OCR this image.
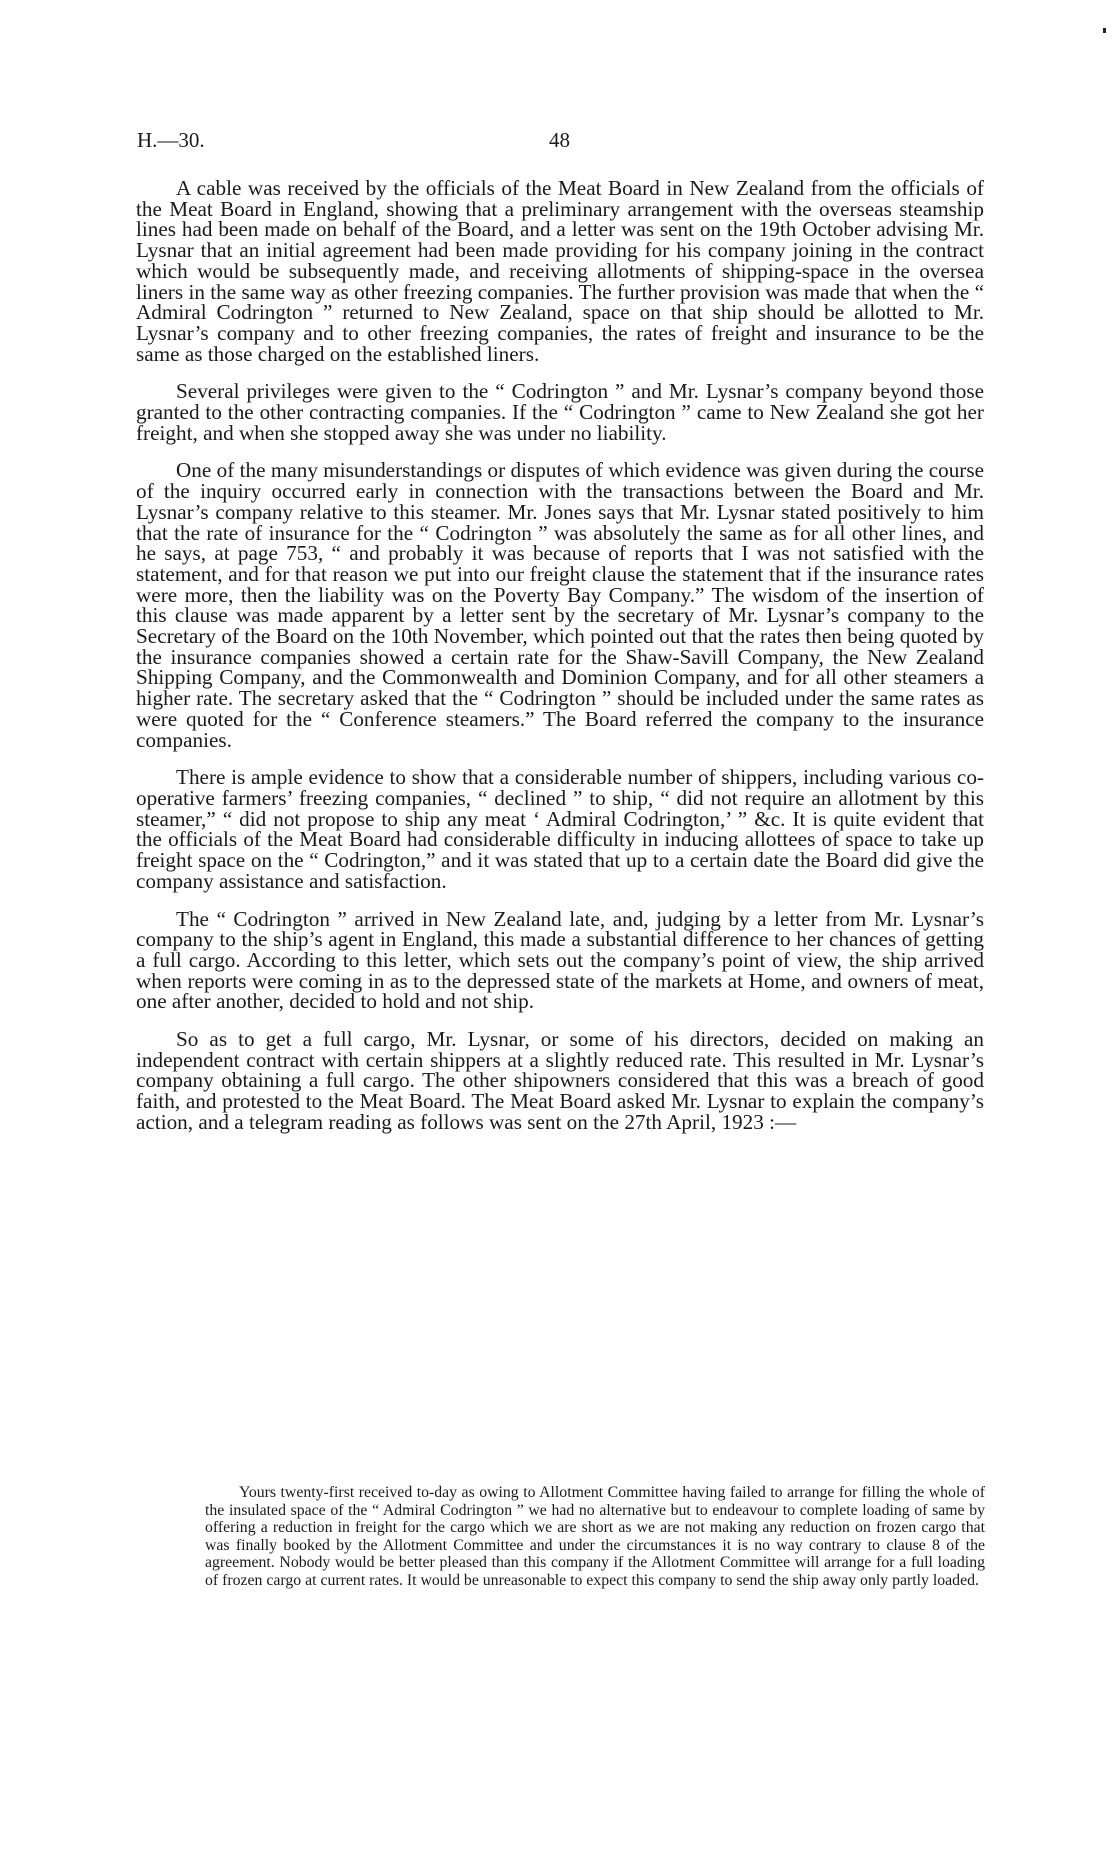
H.—30.	48

A cable was received by the officials of the Meat Board in New Zealand from the officials of the Meat Board in England, showing that a preliminary arrangement with the overseas steamship lines had been made on behalf of the Board, and a letter was sent on the 19th October advising Mr. Lysnar that an initial agreement had been made providing for his company joining in the contract which would be subsequently made, and receiving allotments of shipping-space in the oversea liners in the same way as other freezing companies. The further provision was made that when the “ Admiral Codrington ” returned to New Zealand, space on that ship should be allotted to Mr. Lysnar’s company and to other freezing companies, the rates of freight and insurance to be the same as those charged on the established liners.

Several privileges were given to the “ Codrington ” and Mr. Lysnar’s company beyond those granted to the other contracting companies. If the “ Codrington ” came to New Zealand she got her freight, and when she stopped away she was under no liability.

One of the many misunderstandings or disputes of which evidence was given during the course of the inquiry occurred early in connection with the transactions between the Board and Mr. Lysnar’s company relative to this steamer. Mr. Jones says that Mr. Lysnar stated positively to him that the rate of insurance for the “ Codrington ” was absolutely the same as for all other lines, and he says, at page 753, “ and probably it was because of reports that I was not satisfied with the statement, and for that reason we put into our freight clause the statement that if the insurance rates were more, then the liability was on the Poverty Bay Company.” The wisdom of the insertion of this clause was made apparent by a letter sent by the secretary of Mr. Lysnar’s company to the Secretary of the Board on the 10th November, which pointed out that the rates then being quoted by the insurance companies showed a certain rate for the Shaw-Savill Company, the New Zealand Shipping Company, and the Commonwealth and Dominion Company, and for all other steamers a higher rate. The secretary asked that the “ Codrington ” should be included under the same rates as were quoted for the “ Conference steamers.” The Board referred the company to the insurance companies.

There is ample evidence to show that a considerable number of shippers, including various co-operative farmers’ freezing companies, “ declined ” to ship, “ did not require an allotment by this steamer,” “ did not propose to ship any meat ‘ Admiral Codrington,’ ” &c. It is quite evident that the officials of the Meat Board had considerable difficulty in inducing allottees of space to take up freight space on the “ Codrington,” and it was stated that up to a certain date the Board did give the company assistance and satisfaction.

The “ Codrington ” arrived in New Zealand late, and, judging by a letter from Mr. Lysnar’s company to the ship’s agent in England, this made a substantial difference to her chances of getting a full cargo. According to this letter, which sets out the company’s point of view, the ship arrived when reports were coming in as to the depressed state of the markets at Home, and owners of meat, one after another, decided to hold and not ship.

So as to get a full cargo, Mr. Lysnar, or some of his directors, decided on making an independent contract with certain shippers at a slightly reduced rate. This resulted in Mr. Lysnar’s company obtaining a full cargo. The other shipowners considered that this was a breach of good faith, and protested to the Meat Board. The Meat Board asked Mr. Lysnar to explain the company’s action, and a telegram reading as follows was sent on the 27th April, 1923 :—

Yours twenty-first received to-day as owing to Allotment Committee having failed to arrange for filling the whole of the insulated space of the “ Admiral Codrington ” we had no alternative but to endeavour to complete loading of same by offering a reduction in freight for the cargo which we are short as we are not making any reduction on frozen cargo that was finally booked by the Allotment Committee and under the circumstances it is no way contrary to clause 8 of the agreement. Nobody would be better pleased than this company if the Allotment Committee will arrange for a full loading of frozen cargo at current rates. It would be unreasonable to expect this company to send the ship away only partly loaded.
